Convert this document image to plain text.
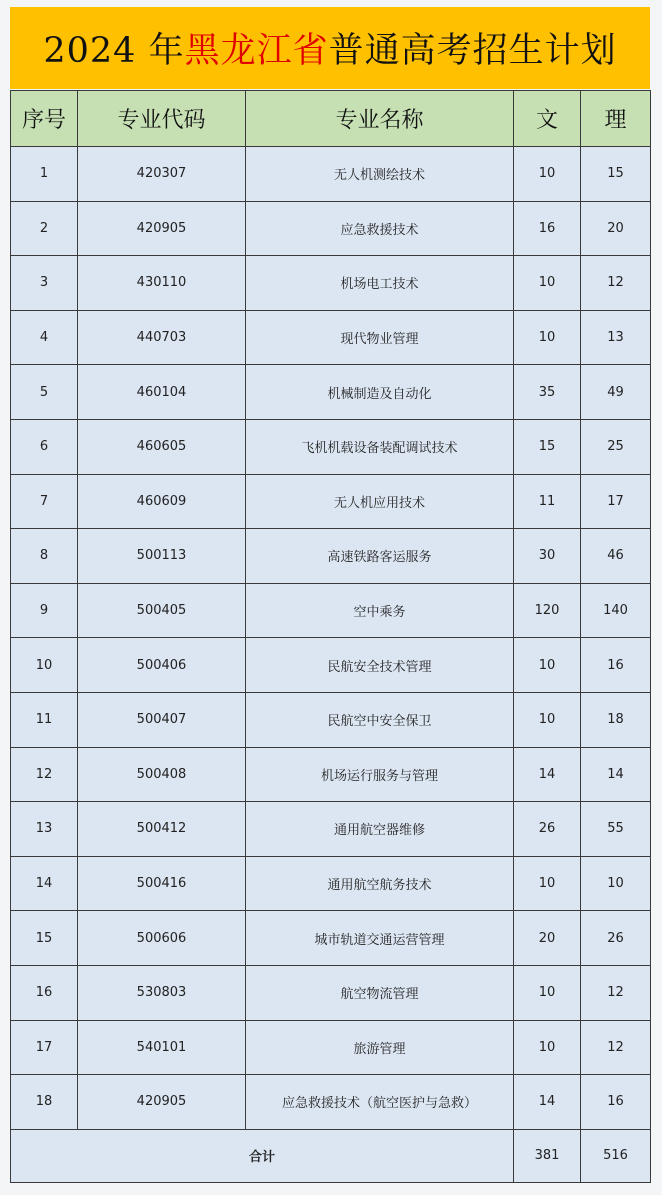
2024 年 黑龙江省 普通高考招生计划
序号	专业代码	专业名称	文	理
1	420307	无人机测绘技术	10	15
2	420905	应急救援技术	16	20
3	430110	机场电工技术	10	12
4	440703	现代物业管理	10	13
5	460104	机械制造及自动化	35	49
6	460605	飞机机载设备装配调试技术	15	25
7	460609	无人机应用技术	11	17
8	500113	高速铁路客运服务	30	46
9	500405	空中乘务	120	140
10	500406	民航安全技术管理	10	16
11	500407	民航空中安全保卫	10	18
12	500408	机场运行服务与管理	14	14
13	500412	通用航空器维修	26	55
14	500416	通用航空航务技术	10	10
15	500606	城市轨道交通运营管理	20	26
16	530803	航空物流管理	10	12
17	540101	旅游管理	10	12
18	420905	应急救援技术（航空医护与急救）	14	16
合计			381	516
